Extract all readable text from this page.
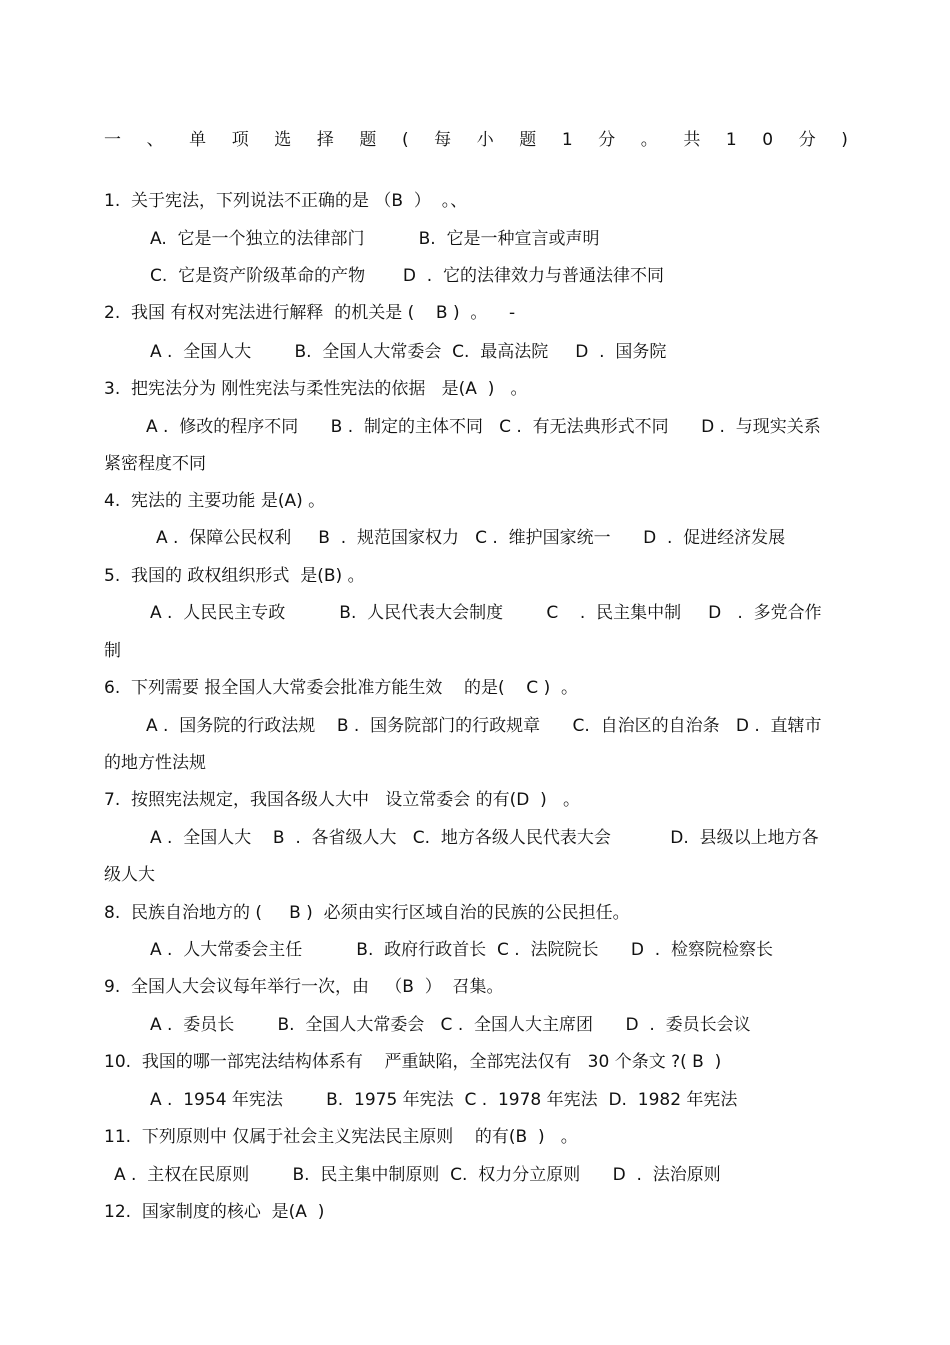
一 、 单 项 选 择 题 ( 每 小 题 1 分 。 共 1 0 分 )
1.  关于宪法，下列说法不正确的是 （B  ）  。、
A.  它是一个独立的法律部门          B.  它是一种宣言或声明
C.  它是资产阶级革命的产物       D  .  它的法律效力与普通法律不同
2.  我国 有权对宪法进行解释  的机关是 (    B )  。    -
A .  全国人大        B.  全国人大常委会  C.  最高法院     D  .  国务院
3.  把宪法分为 刚性宪法与柔性宪法的依据   是(A  )   。
A .  修改的程序不同      B .  制定的主体不同   C .  有无法典形式不同      D .  与现实关系
紧密程度不同
4.  宪法的 主要功能 是(A) 。
A .  保障公民权利     B  .  规范国家权力   C .  维护国家统一      D  .  促进经济发展
5.  我国的 政权组织形式  是(B) 。
A .  人民民主专政          B.  人民代表大会制度        C    .  民主集中制     D   .  多党合作
制
6.  下列需要 报全国人大常委会批准方能生效    的是(    C )  。
A .  国务院的行政法规    B .  国务院部门的行政规章      C.  自治区的自治条   D .  直辖市
的地方性法规
7.  按照宪法规定，我国各级人大中   设立常委会 的有(D  )   。
A .  全国人大    B  .  各省级人大   C.  地方各级人民代表大会           D.  县级以上地方各
级人大
8.  民族自治地方的 (     B )  必须由实行区域自治的民族的公民担任。
A .  人大常委会主任          B.  政府行政首长  C .  法院院长      D  .  检察院检察长
9.  全国人大会议每年举行一次，由   （B  ）  召集。
A .  委员长        B.  全国人大常委会   C .  全国人大主席团      D  .  委员长会议
10.  我国的哪一部宪法结构体系有    严重缺陷，全部宪法仅有   30 个条文 ?( B  )
A .  1954 年宪法        B.  1975 年宪法  C .  1978 年宪法  D.  1982 年宪法
11.  下列原则中 仅属于社会主义宪法民主原则    的有(B  )   。
A .  主权在民原则        B.  民主集中制原则  C.  权力分立原则      D  .  法治原则
12.  国家制度的核心  是(A  )
